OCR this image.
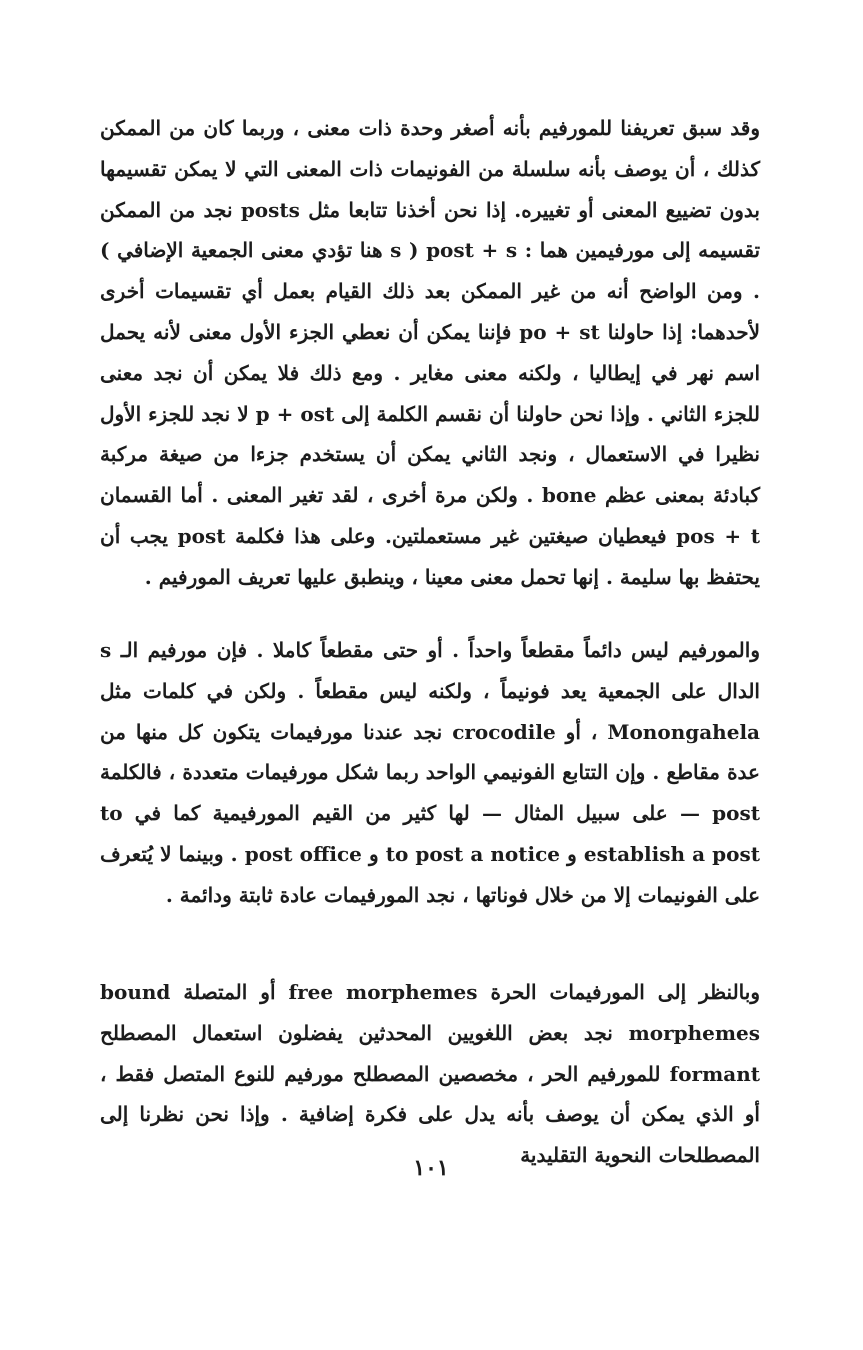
وقد سبق تعريفنا للمورفيم بأنه أصغر وحدة ذات معنى ، وربما كان من الممكن كذلك ، أن يوصف بأنه سلسلة من الفونيمات ذات المعنى التي لا يمكن تقسيمها بدون تضييع المعنى أو تغييره. إذا نحن أخذنا تتابعا مثل posts نجد من الممكن تقسيمه إلى مورفيمين هما : post + s ( s هنا تؤدي معنى الجمعية الإضافي ) . ومن الواضح أنه من غير الممكن بعد ذلك القيام بعمل أي تقسيمات أخرى لأحدهما: إذا حاولنا po + st فإننا يمكن أن نعطي الجزء الأول معنى لأنه يحمل اسم نهر في إيطاليا ، ولكنه معنى مغاير . ومع ذلك فلا يمكن أن نجد معنى للجزء الثاني . وإذا نحن حاولنا أن نقسم الكلمة إلى p + ost لا نجد للجزء الأول نظيرا في الاستعمال ، ونجد الثاني يمكن أن يستخدم جزءا من صيغة مركبة كبادئة بمعنى عظم bone . ولكن مرة أخرى ، لقد تغير المعنى . أما القسمان pos + t فيعطيان صيغتين غير مستعملتين. وعلى هذا فكلمة post يجب أن يحتفظ بها سليمة . إنها تحمل معنى معينا ، وينطبق عليها تعريف المورفيم .

والمورفيم ليس دائماً مقطعاً واحداً . أو حتى مقطعاً كاملا . فإن مورفيم الـ s الدال على الجمعية يعد فونيماً ، ولكنه ليس مقطعاً . ولكن في كلمات مثل Monongahela ، أو crocodile نجد عندنا مورفيمات يتكون كل منها من عدة مقاطع . وإن التتابع الفونيمي الواحد ربما شكل مورفيمات متعددة ، فالكلمة post — على سبيل المثال — لها كثير من القيم المورفيمية كما في to establish a post و to post a notice و post office . وبينما لا يُتعرف على الفونيمات إلا من خلال فوناتها ، نجد المورفيمات عادة ثابتة ودائمة .

وبالنظر إلى المورفيمات الحرة free morphemes أو المتصلة bound morphemes نجد بعض اللغويين المحدثين يفضلون استعمال المصطلح formant للمورفيم الحر ، مخصصين المصطلح مورفيم للنوع المتصل فقط ، أو الذي يمكن أن يوصف بأنه يدل على فكرة إضافية . وإذا نحن نظرنا إلى المصطلحات النحوية التقليدية

١٠١
